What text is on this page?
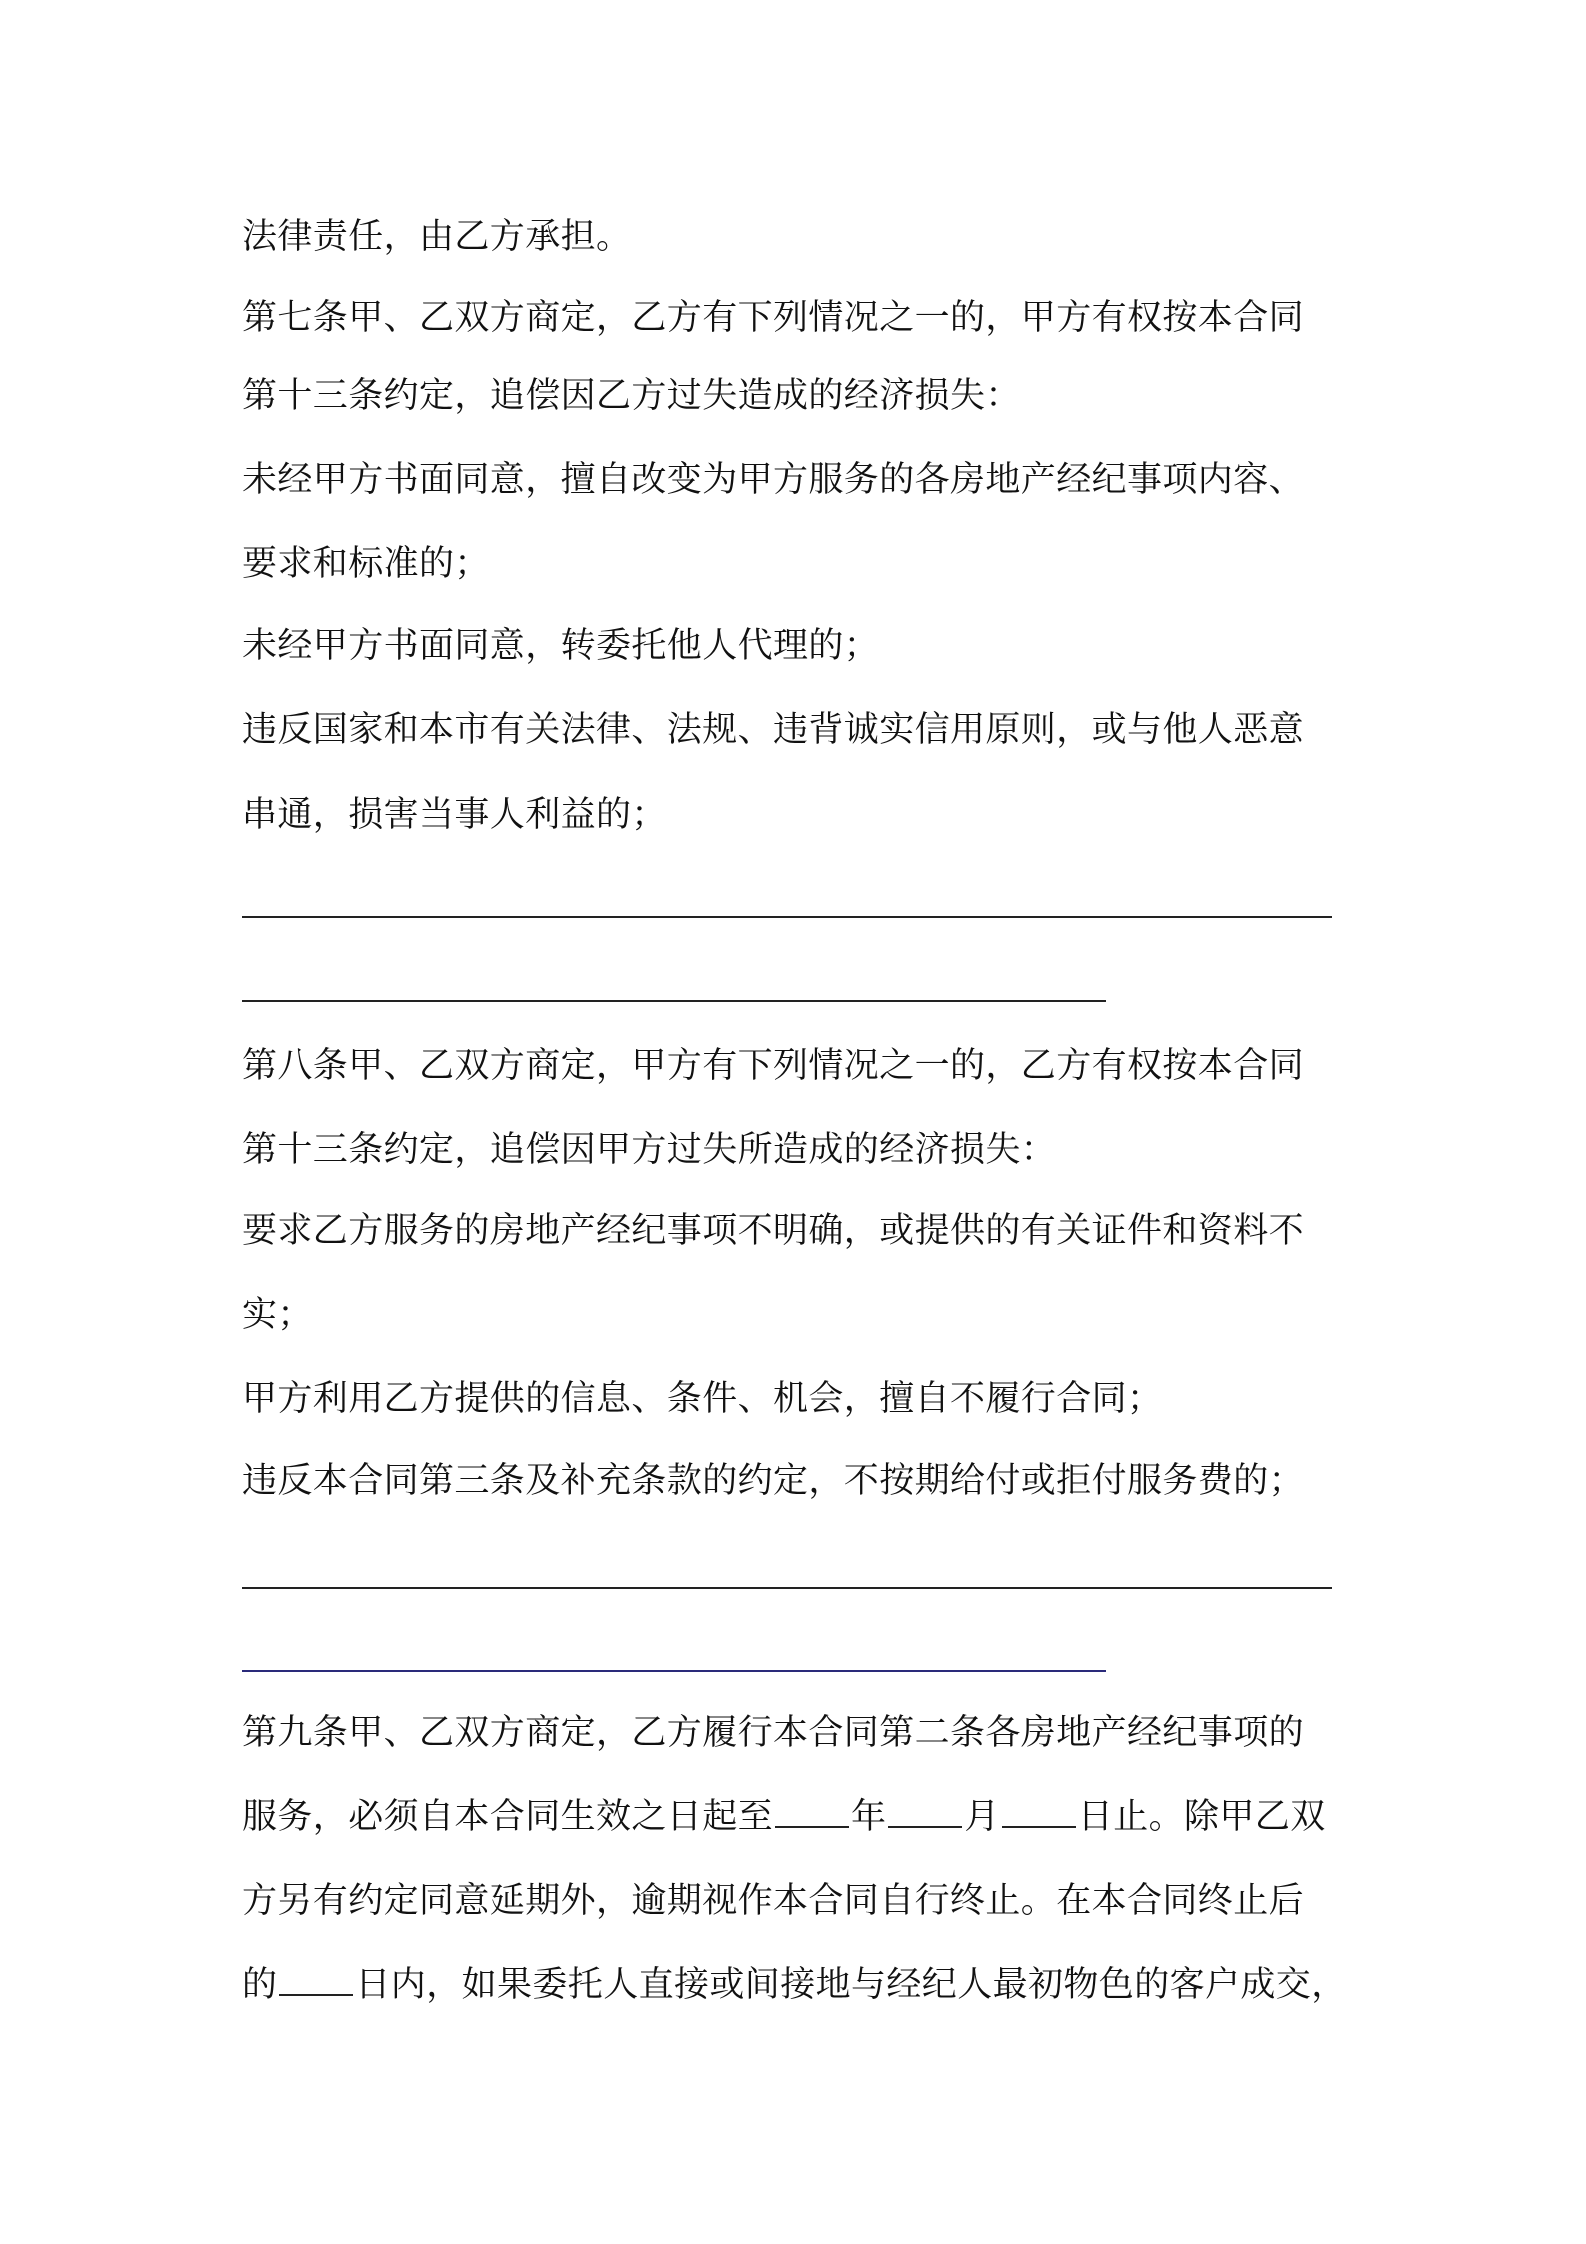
法律责任，由乙方承担。
第七条甲、乙双方商定，乙方有下列情况之一的，甲方有权按本合同
第十三条约定，追偿因乙方过失造成的经济损失：
未经甲方书面同意，擅自改变为甲方服务的各房地产经纪事项内容、
要求和标准的；
未经甲方书面同意，转委托他人代理的；
违反国家和本市有关法律、法规、违背诚实信用原则，或与他人恶意
串通，损害当事人利益的；
第八条甲、乙双方商定，甲方有下列情况之一的，乙方有权按本合同
第十三条约定，追偿因甲方过失所造成的经济损失：
要求乙方服务的房地产经纪事项不明确，或提供的有关证件和资料不
实；
甲方利用乙方提供的信息、条件、机会，擅自不履行合同；
违反本合同第三条及补充条款的约定，不按期给付或拒付服务费的；
第九条甲、乙双方商定，乙方履行本合同第二条各房地产经纪事项的
服务，必须自本合同生效之日起至 年 月 日止。除甲乙双
方另有约定同意延期外，逾期视作本合同自行终止。在本合同终止后
的 日内，如果委托人直接或间接地与经纪人最初物色的客户成交，
